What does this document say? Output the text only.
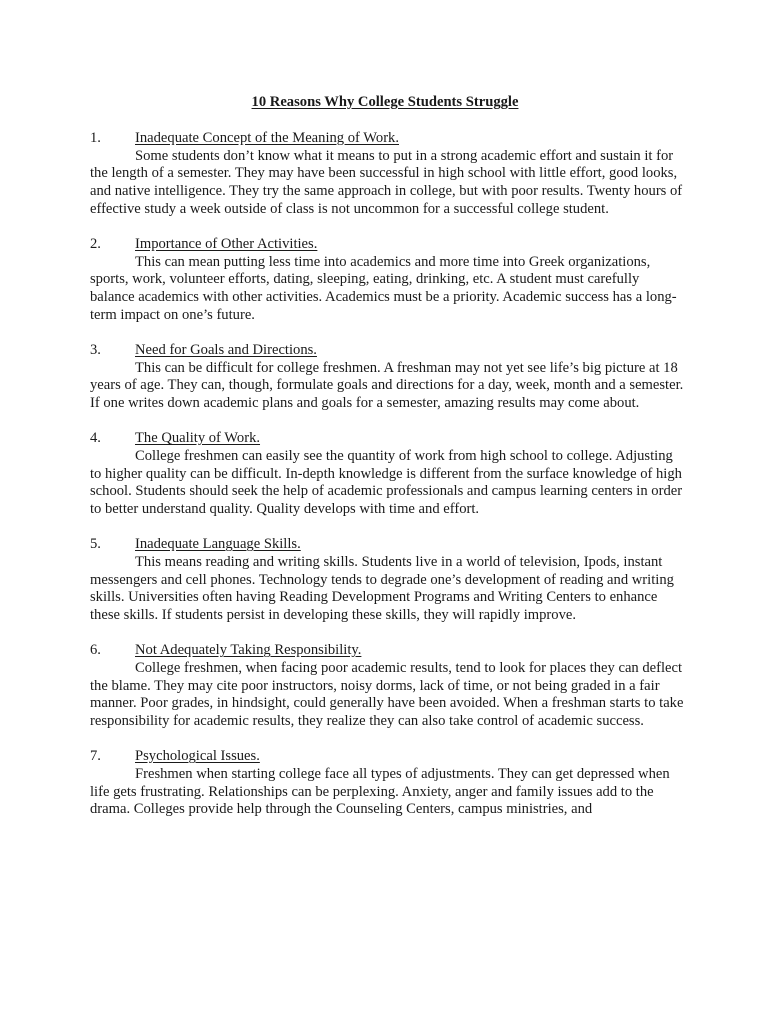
10 Reasons Why College Students Struggle
1. Inadequate Concept of the Meaning of Work.

Some students don’t know what it means to put in a strong academic effort and sustain it for the length of a semester. They may have been successful in high school with little effort, good looks, and native intelligence. They try the same approach in college, but with poor results. Twenty hours of effective study a week outside of class is not uncommon for a successful college student.

2. Importance of Other Activities.

This can mean putting less time into academics and more time into Greek organizations, sports, work, volunteer efforts, dating, sleeping, eating, drinking, etc. A student must carefully balance academics with other activities. Academics must be a priority. Academic success has a long-term impact on one’s future.

3. Need for Goals and Directions.

This can be difficult for college freshmen. A freshman may not yet see life’s big picture at 18 years of age. They can, though, formulate goals and directions for a day, week, month and a semester. If one writes down academic plans and goals for a semester, amazing results may come about.

4. The Quality of Work.

College freshmen can easily see the quantity of work from high school to college. Adjusting to higher quality can be difficult. In-depth knowledge is different from the surface knowledge of high school. Students should seek the help of academic professionals and campus learning centers in order to better understand quality. Quality develops with time and effort.

5. Inadequate Language Skills.

This means reading and writing skills. Students live in a world of television, Ipods, instant messengers and cell phones. Technology tends to degrade one’s development of reading and writing skills. Universities often having Reading Development Programs and Writing Centers to enhance these skills. If students persist in developing these skills, they will rapidly improve.

6. Not Adequately Taking Responsibility.

College freshmen, when facing poor academic results, tend to look for places they can deflect the blame. They may cite poor instructors, noisy dorms, lack of time, or not being graded in a fair manner. Poor grades, in hindsight, could generally have been avoided. When a freshman starts to take responsibility for academic results, they realize they can also take control of academic success.

7. Psychological Issues.

Freshmen when starting college face all types of adjustments. They can get depressed when life gets frustrating. Relationships can be perplexing. Anxiety, anger and family issues add to the drama. Colleges provide help through the Counseling Centers, campus ministries, and
